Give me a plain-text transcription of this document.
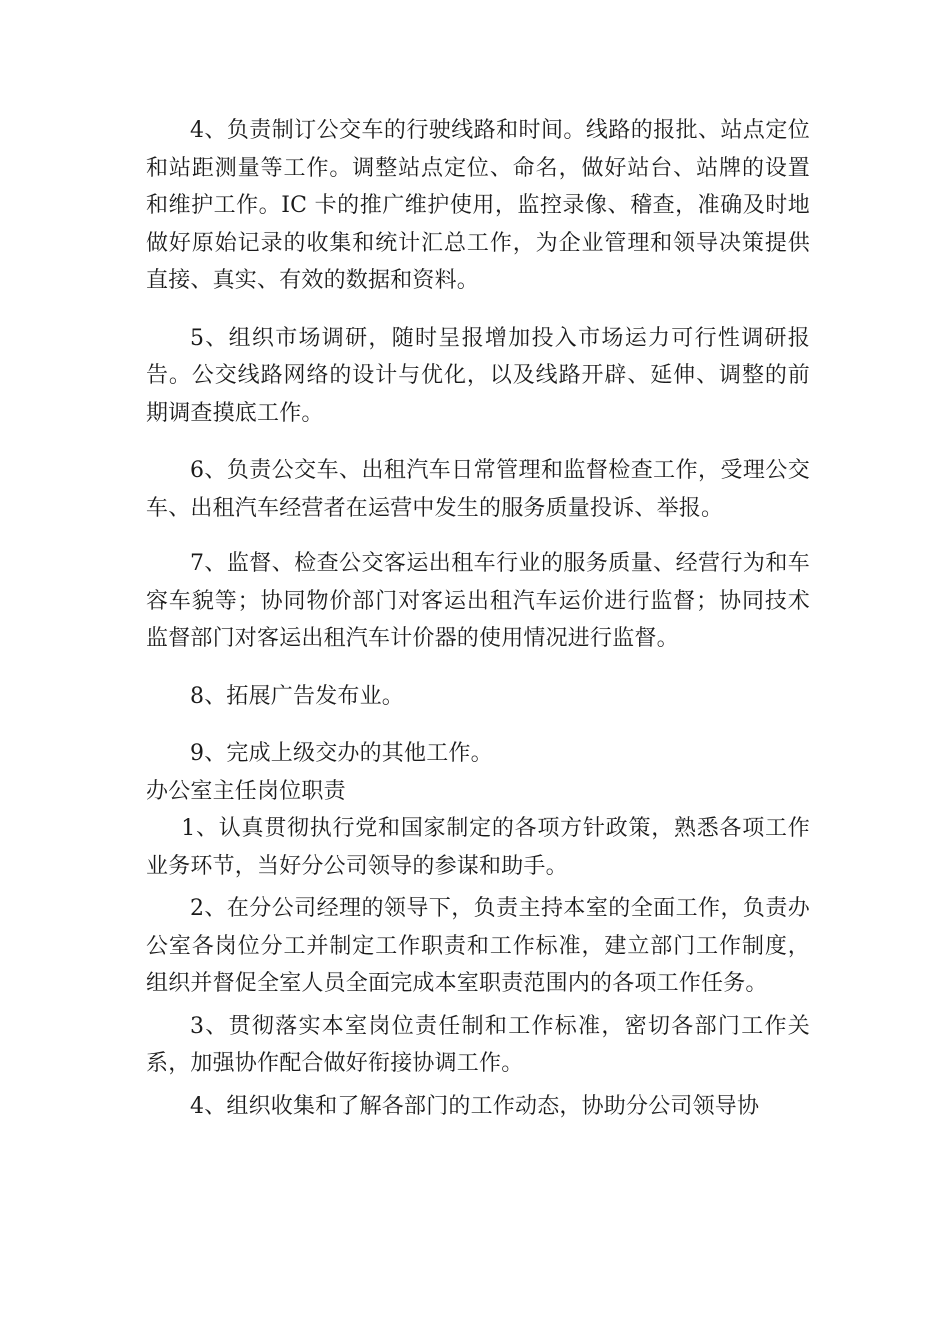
4、负责制订公交车的行驶线路和时间。线路的报批、站点定位和站距测量等工作。调整站点定位、命名，做好站台、站牌的设置和维护工作。IC 卡的推广维护使用，监控录像、稽查，准确及时地做好原始记录的收集和统计汇总工作，为企业管理和领导决策提供直接、真实、有效的数据和资料。

5、组织市场调研，随时呈报增加投入市场运力可行性调研报告。公交线路网络的设计与优化，以及线路开辟、延伸、调整的前期调查摸底工作。

6、负责公交车、出租汽车日常管理和监督检查工作，受理公交车、出租汽车经营者在运营中发生的服务质量投诉、举报。

7、监督、检查公交客运出租车行业的服务质量、经营行为和车容车貌等；协同物价部门对客运出租汽车运价进行监督；协同技术监督部门对客运出租汽车计价器的使用情况进行监督。

8、拓展广告发布业。

9、完成上级交办的其他工作。

办公室主任岗位职责

1、认真贯彻执行党和国家制定的各项方针政策，熟悉各项工作业务环节，当好分公司领导的参谋和助手。

2、在分公司经理的领导下，负责主持本室的全面工作，负责办公室各岗位分工并制定工作职责和工作标准，建立部门工作制度，组织并督促全室人员全面完成本室职责范围内的各项工作任务。

3、贯彻落实本室岗位责任制和工作标准，密切各部门工作关系，加强协作配合做好衔接协调工作。

4、组织收集和了解各部门的工作动态，协助分公司领导协
